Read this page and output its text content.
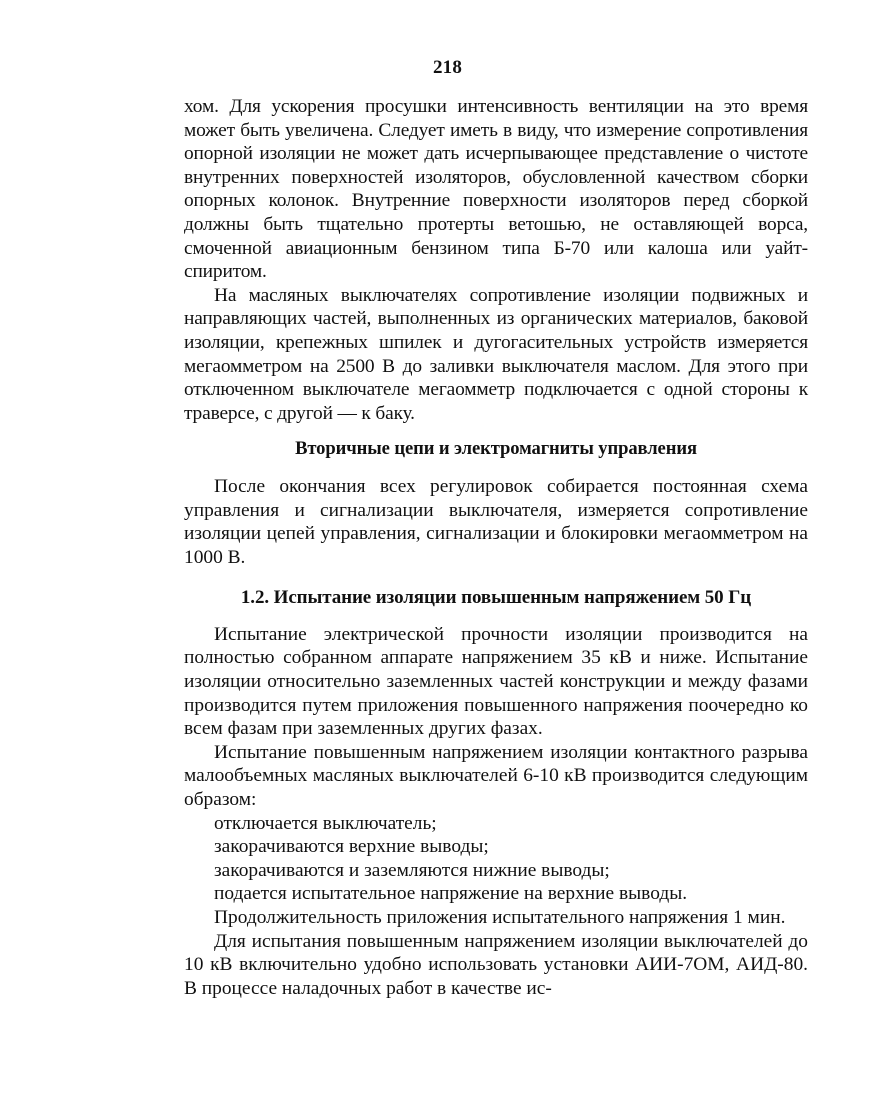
218

хом. Для ускорения просушки интенсивность вентиляции на это время может быть увеличена. Следует иметь в виду, что измерение сопротивления опорной изоляции не может дать исчерпывающее представление о чистоте внутренних поверхностей изоляторов, обусловленной качеством сборки опорных колонок. Внутренние поверхности изоляторов перед сборкой должны быть тщательно протерты ветошью, не оставляющей ворса, смоченной авиационным бензином типа Б-70 или калоша или уайт-спиритом.

На масляных выключателях сопротивление изоляции подвижных и направляющих частей, выполненных из органических материалов, баковой изоляции, крепежных шпилек и дугогасительных устройств измеряется мегаомметром на 2500 В до заливки выключателя маслом. Для этого при отключенном выключателе мегаомметр подключается с одной стороны к траверсе, с другой — к баку.

Вторичные цепи и электромагниты управления

После окончания всех регулировок собирается постоянная схема управления и сигнализации выключателя, измеряется сопротивление изоляции цепей управления, сигнализации и блокировки мегаомметром на 1000 В.

1.2. Испытание изоляции повышенным напряжением 50 Гц

Испытание электрической прочности изоляции производится на полностью собранном аппарате напряжением 35 кВ и ниже. Испытание изоляции относительно заземленных частей конструкции и между фазами производится путем приложения повышенного напряжения поочередно ко всем фазам при заземленных других фазах.

Испытание повышенным напряжением изоляции контактного разрыва малообъемных масляных выключателей 6-10 кВ производится следующим образом:

отключается выключатель;

закорачиваются верхние выводы;

закорачиваются и заземляются нижние выводы;

подается испытательное напряжение на верхние выводы.

Продолжительность приложения испытательного напряжения 1 мин.

Для испытания повышенным напряжением изоляции выключателей до 10 кВ включительно удобно использовать установки АИИ-7ОМ, АИД-80. В процессе наладочных работ в качестве ис-
